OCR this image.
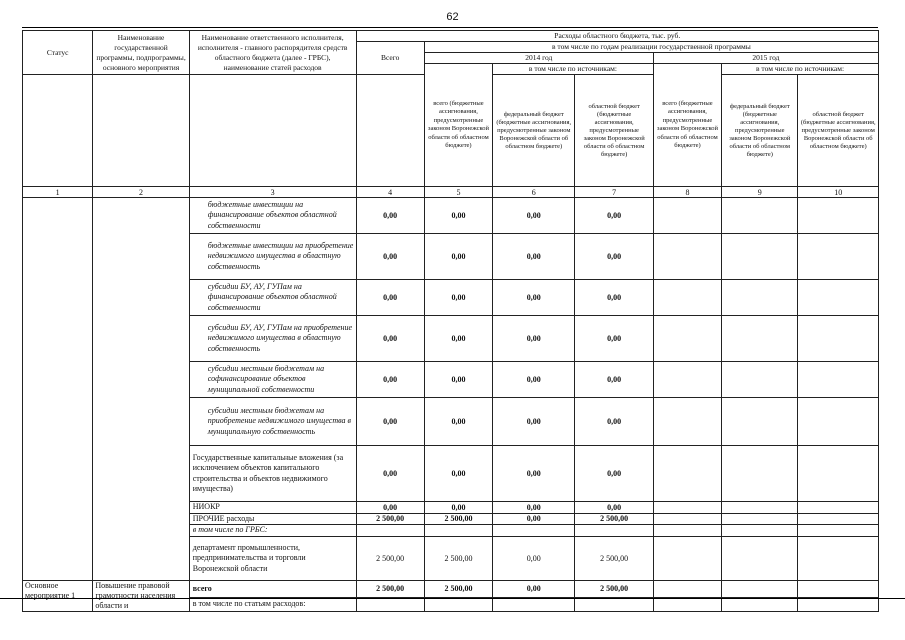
62
Статус	Наименование государственной программы, подпрограммы, основного мероприятия	Наименование ответственного исполнителя, исполнителя - главного распорядителя средств областного бюджета (далее - ГРБС), наименование статей расходов	Расходы областного бюджета, тыс. руб.						
			Всего	в том числе по годам реализации государственной программы					
				2014 год			2015 год		
				всего (бюджетные ассигнования, предусмотренные законом Воронежской области об областном бюджете)	в том числе по источникам:		всего (бюджетные ассигнования, предусмотренные законом Воронежской области об областном бюджете)	в том числе по источникам:	
					федеральный бюджет (бюджетные ассигнования, предусмотренные законом Воронежской области об областном бюджете)	областной бюджет (бюджетные ассигнования, предусмотренные законом Воронежской области об областном бюджете)		федеральный бюджет (бюджетные ассигнования, предусмотренные законом Воронежской области об областном бюджете)	областной бюджет (бюджетные ассигнования, предусмотренные законом Воронежской области об областном бюджете)
1	2	3	4	5	6	7	8	9	10
		бюджетные инвестиции на финансирование объектов областной собственности	0,00	0,00	0,00	0,00			
		бюджетные инвестиции на приобретение недвижимого имущества в областную собственность	0,00	0,00	0,00	0,00			
		субсидии БУ, АУ, ГУПам на финансирование объектов областной собственности	0,00	0,00	0,00	0,00			
		субсидии БУ, АУ, ГУПам на приобретение недвижимого имущества в областную собственность	0,00	0,00	0,00	0,00			
		субсидии местным бюджетам на софинансирование объектов муниципальной собственности	0,00	0,00	0,00	0,00			
		субсидии местным бюджетам на приобретение недвижимого имущества в муниципальную собственность	0,00	0,00	0,00	0,00			
		Государственные капитальные вложения (за исключением объектов капитального строительства и объектов недвижимого имущества)	0,00	0,00	0,00	0,00			
		НИОКР	0,00	0,00	0,00	0,00			
		ПРОЧИЕ расходы	2 500,00	2 500,00	0,00	2 500,00			
		в том числе по ГРБС:							
		департамент промышленности, предпринимательства и торговли Воронежской области	2 500,00	2 500,00	0,00	2 500,00			
Основное мероприятие 1	Повышение правовой грамотности населения области и	всего	2 500,00	2 500,00	0,00	2 500,00			
		в том числе по статьям расходов:							
